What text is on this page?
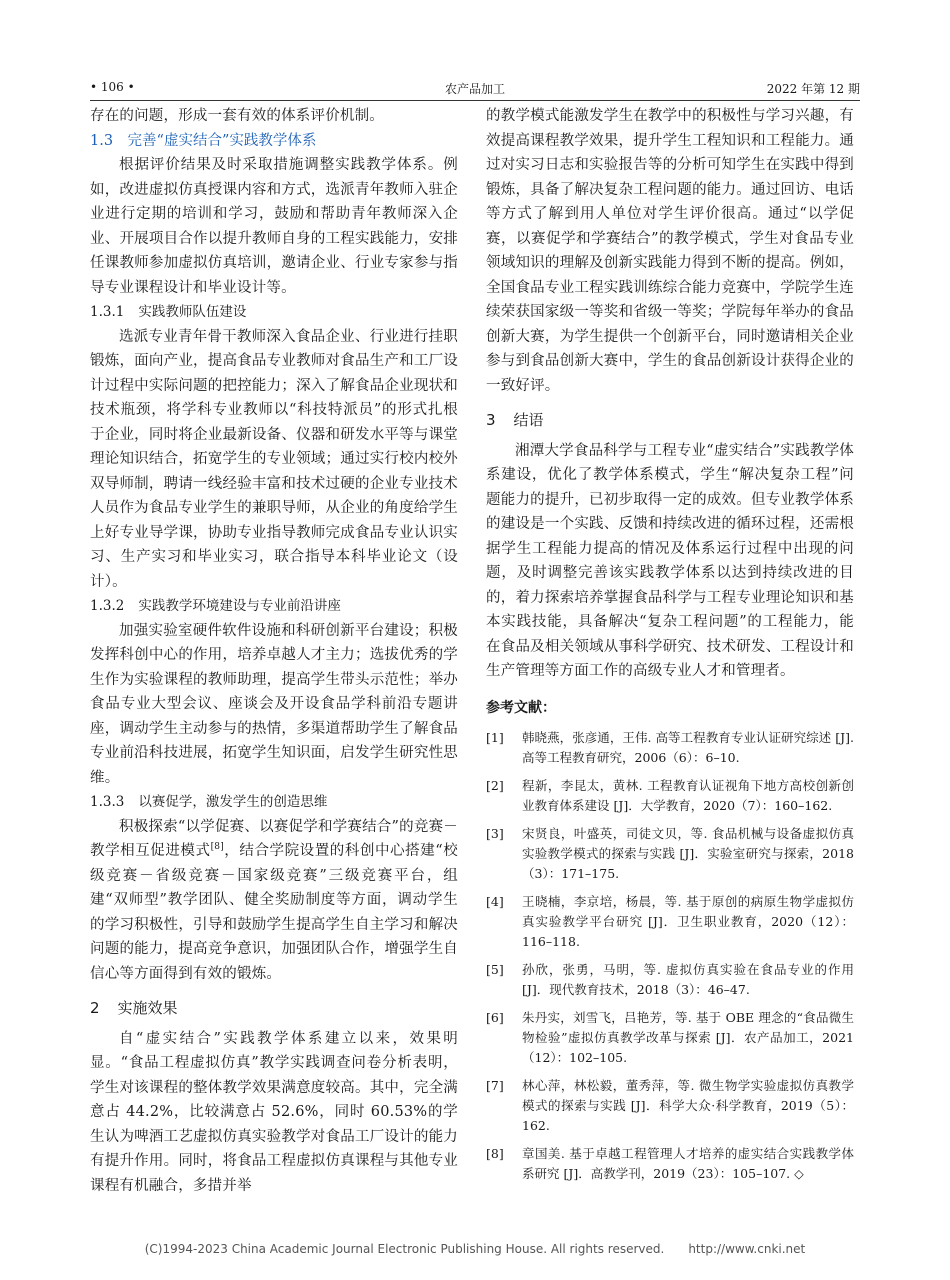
• 106 •	农产品加工	2022 年第 12 期

存在的问题，形成一套有效的体系评价机制。

1.3　完善“虚实结合”实践教学体系

根据评价结果及时采取措施调整实践教学体系。例如，改进虚拟仿真授课内容和方式，选派青年教师入驻企业进行定期的培训和学习，鼓励和帮助青年教师深入企业、开展项目合作以提升教师自身的工程实践能力，安排任课教师参加虚拟仿真培训，邀请企业、行业专家参与指导专业课程设计和毕业设计等。

1.3.1 实践教师队伍建设

选派专业青年骨干教师深入食品企业、行业进行挂职锻炼，面向产业，提高食品专业教师对食品生产和工厂设计过程中实际问题的把控能力；深入了解食品企业现状和技术瓶颈，将学科专业教师以“科技特派员”的形式扎根于企业，同时将企业最新设备、仪器和研发水平等与课堂理论知识结合，拓宽学生的专业领域；通过实行校内校外双导师制，聘请一线经验丰富和技术过硬的企业专业技术人员作为食品专业学生的兼职导师，从企业的角度给学生上好专业导学课，协助专业指导教师完成食品专业认识实习、生产实习和毕业实习，联合指导本科毕业论文（设计）。

1.3.2 实践教学环境建设与专业前沿讲座

加强实验室硬件软件设施和科研创新平台建设；积极发挥科创中心的作用，培养卓越人才主力；选拔优秀的学生作为实验课程的教师助理，提高学生带头示范性；举办食品专业大型会议、座谈会及开设食品学科前沿专题讲座，调动学生主动参与的热情，多渠道帮助学生了解食品专业前沿科技进展，拓宽学生知识面，启发学生研究性思维。

1.3.3 以赛促学，激发学生的创造思维

积极探索“以学促赛、以赛促学和学赛结合”的竞赛－教学相互促进模式[8]，结合学院设置的科创中心搭建“校级竞赛－省级竞赛－国家级竞赛”三级竞赛平台，组建“双师型”教学团队、健全奖励制度等方面，调动学生的学习积极性，引导和鼓励学生提高学生自主学习和解决问题的能力，提高竞争意识，加强团队合作，增强学生自信心等方面得到有效的锻炼。

2 实施效果

自“虚实结合”实践教学体系建立以来，效果明显。“食品工程虚拟仿真”教学实践调查问卷分析表明，学生对该课程的整体教学效果满意度较高。其中，完全满意占 44.2%，比较满意占 52.6%，同时 60.53%的学生认为啤酒工艺虚拟仿真实验教学对食品工厂设计的能力有提升作用。同时，将食品工程虚拟仿真课程与其他专业课程有机融合，多措并举

的教学模式能激发学生在教学中的积极性与学习兴趣，有效提高课程教学效果，提升学生工程知识和工程能力。通过对实习日志和实验报告等的分析可知学生在实践中得到锻炼，具备了解决复杂工程问题的能力。通过回访、电话等方式了解到用人单位对学生评价很高。通过“以学促赛，以赛促学和学赛结合”的教学模式，学生对食品专业领域知识的理解及创新实践能力得到不断的提高。例如，全国食品专业工程实践训练综合能力竞赛中，学院学生连续荣获国家级一等奖和省级一等奖；学院每年举办的食品创新大赛，为学生提供一个创新平台，同时邀请相关企业参与到食品创新大赛中，学生的食品创新设计获得企业的一致好评。

3 结语

湘潭大学食品科学与工程专业“虚实结合”实践教学体系建设，优化了教学体系模式，学生“解决复杂工程”问题能力的提升，已初步取得一定的成效。但专业教学体系的建设是一个实践、反馈和持续改进的循环过程，还需根据学生工程能力提高的情况及体系运行过程中出现的问题，及时调整完善该实践教学体系以达到持续改进的目的，着力探索培养掌握食品科学与工程专业理论知识和基本实践技能，具备解决“复杂工程问题”的工程能力，能在食品及相关领域从事科学研究、技术研发、工程设计和生产管理等方面工作的高级专业人才和管理者。

参考文献：

[1] 韩晓燕，张彦通，王伟. 高等工程教育专业认证研究综述 [J]. 高等工程教育研究，2006（6）：6–10.

[2] 程新，李昆太，黄林. 工程教育认证视角下地方高校创新创业教育体系建设 [J]．大学教育，2020（7）：160–162.

[3] 宋贤良，叶盛英，司徒文贝，等. 食品机械与设备虚拟仿真实验教学模式的探索与实践 [J]．实验室研究与探索，2018（3）：171–175.

[4] 王晓楠，李京培，杨晨，等. 基于原创的病原生物学虚拟仿真实验教学平台研究 [J]．卫生职业教育，2020（12）：116–118.

[5] 孙欣，张勇，马明，等. 虚拟仿真实验在食品专业的作用 [J]．现代教育技术，2018（3）：46–47.

[6] 朱丹实，刘雪飞，吕艳芳，等. 基于 OBE 理念的“食品微生物检验”虚拟仿真教学改革与探索 [J]．农产品加工，2021（12）：102–105.

[7] 林心萍，林松毅，董秀萍，等. 微生物学实验虚拟仿真教学模式的探索与实践 [J]．科学大众·科学教育，2019（5）：162.

[8] 章国美. 基于卓越工程管理人才培养的虚实结合实践教学体系研究 [J]．高教学刊，2019（23）：105–107. ◇

(C)1994-2023 China Academic Journal Electronic Publishing House. All rights reserved.　　http://www.cnki.net
